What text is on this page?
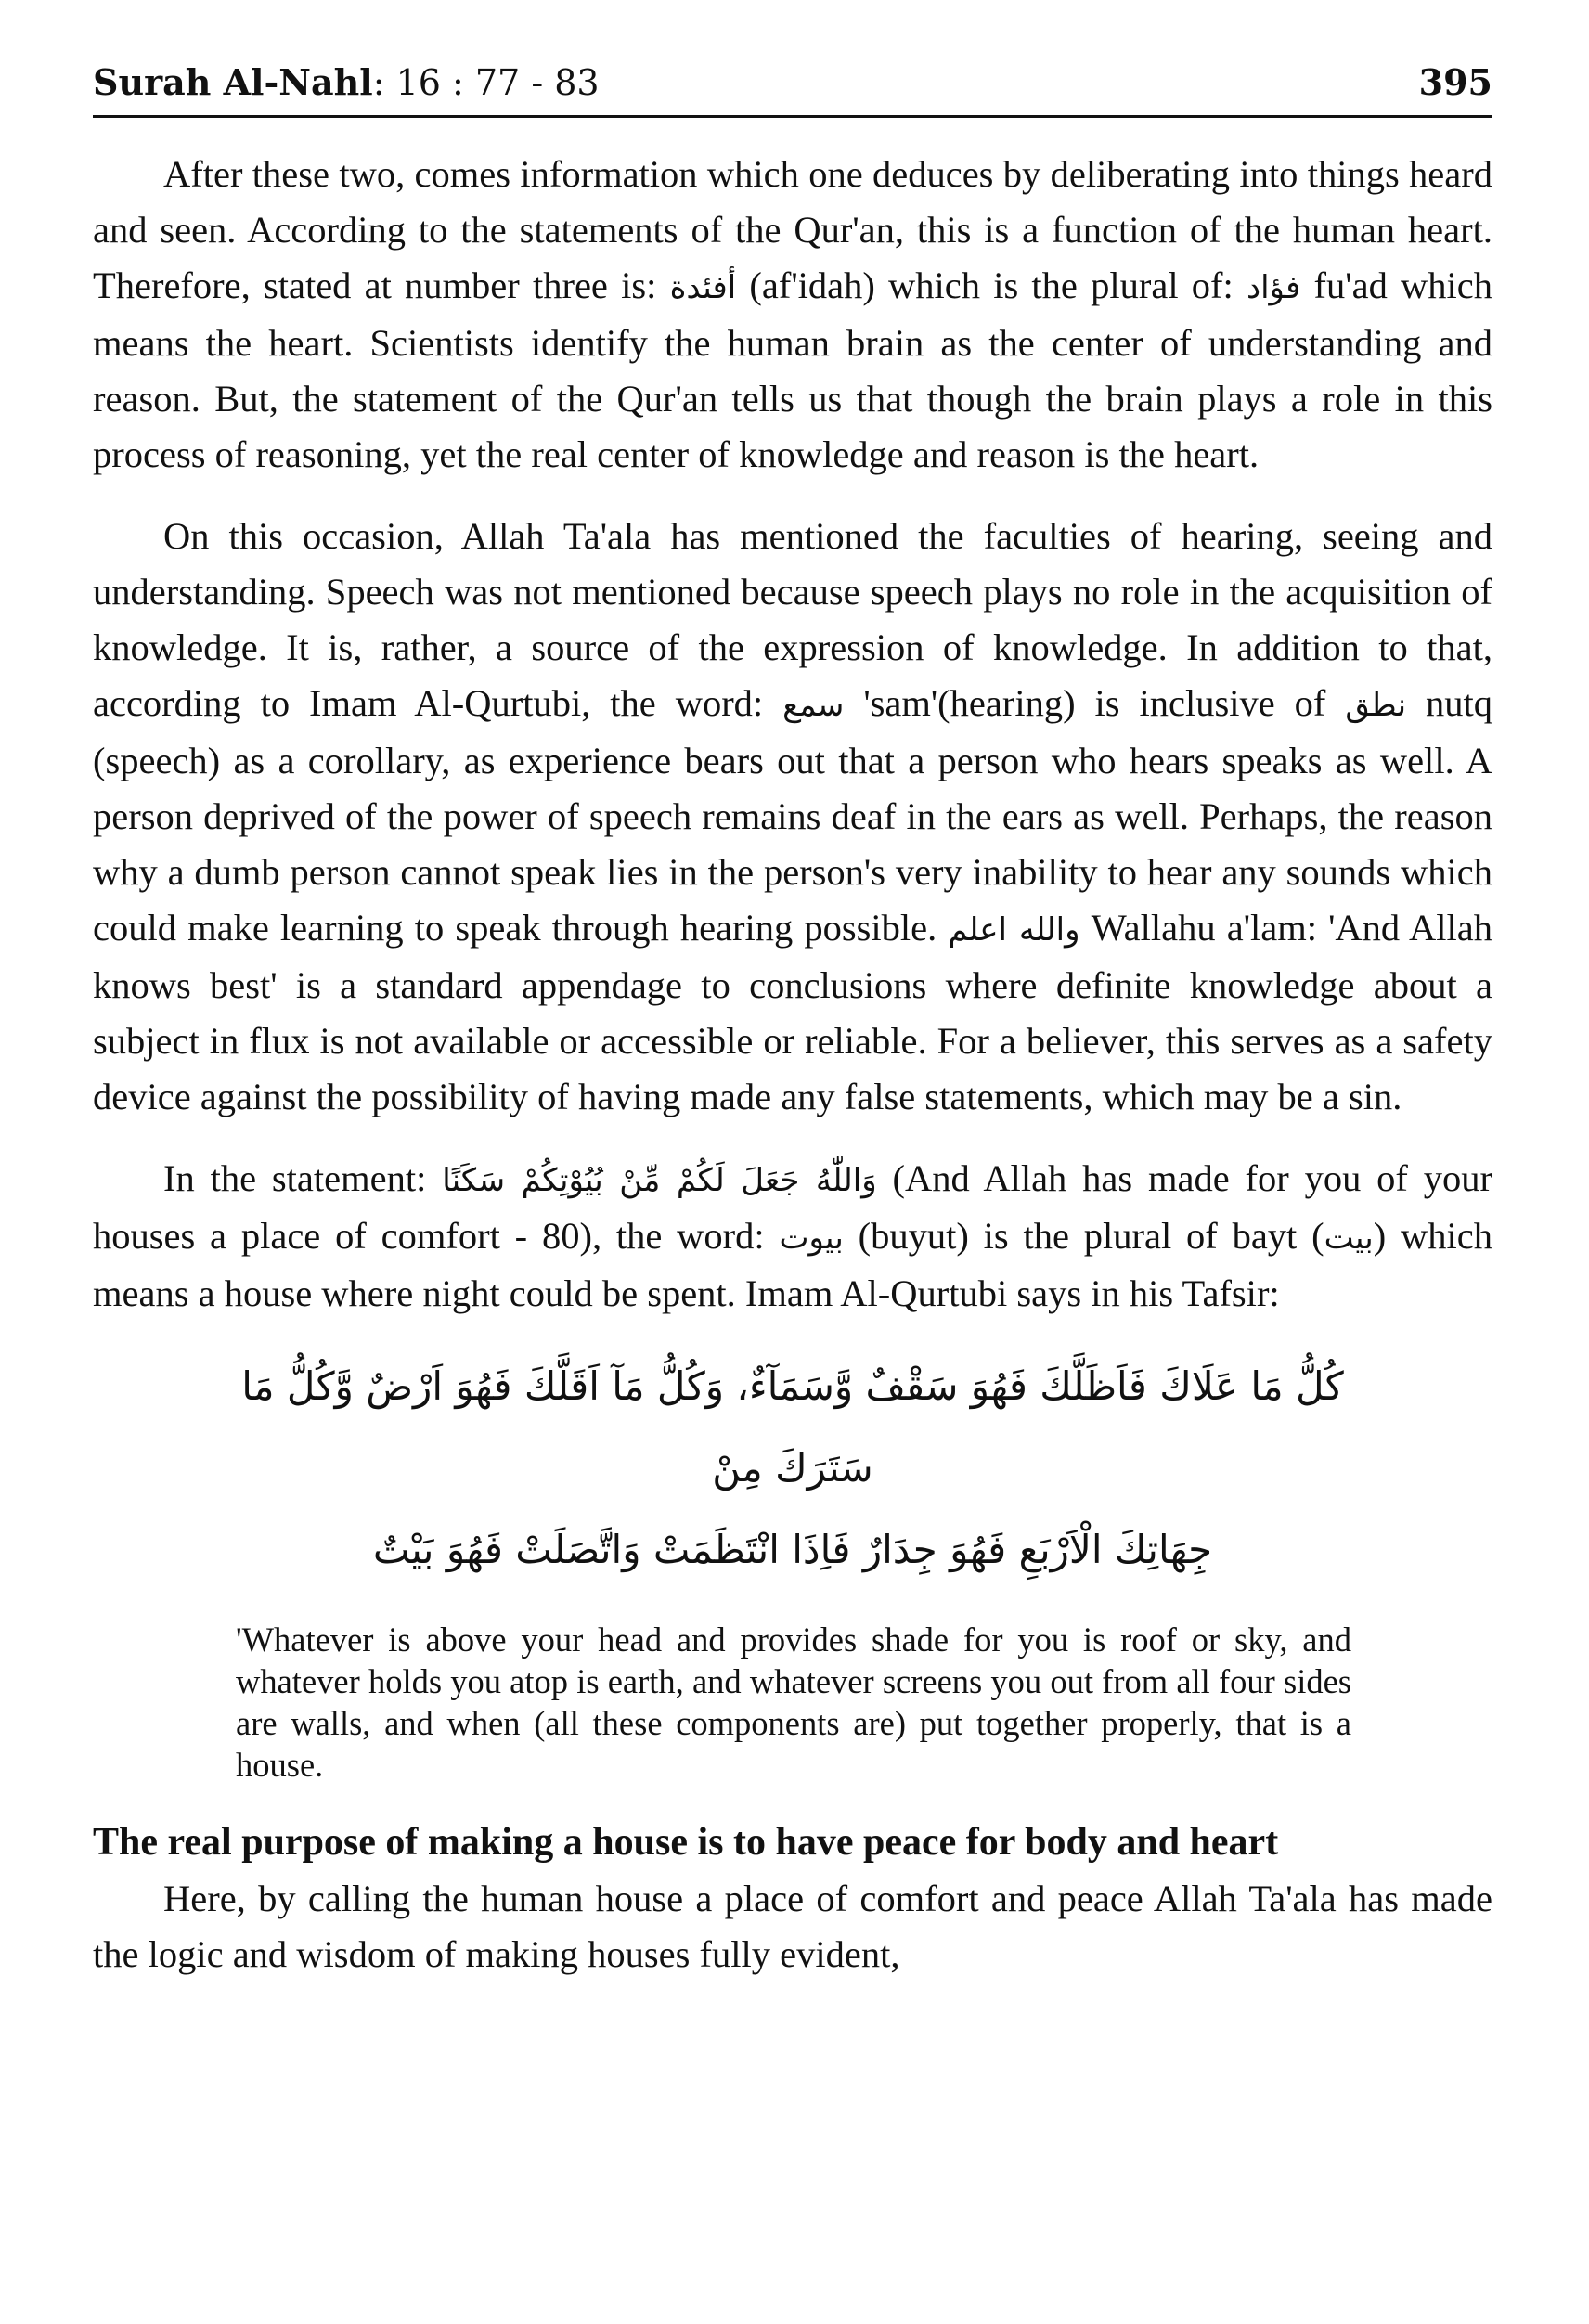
Surah Al-Nahl: 16 : 77 - 83	395

After these two, comes information which one deduces by deliberating into things heard and seen. According to the statements of the Qur'an, this is a function of the human heart. Therefore, stated at number three is: أفئدة (af'idah) which is the plural of: فؤاد fu'ad which means the heart. Scientists identify the human brain as the center of understanding and reason. But, the statement of the Qur'an tells us that though the brain plays a role in this process of reasoning, yet the real center of knowledge and reason is the heart.

On this occasion, Allah Ta'ala has mentioned the faculties of hearing, seeing and understanding. Speech was not mentioned because speech plays no role in the acquisition of knowledge. It is, rather, a source of the expression of knowledge. In addition to that, according to Imam Al-Qurtubi, the word: سمع 'sam'(hearing) is inclusive of نطق nutq (speech) as a corollary, as experience bears out that a person who hears speaks as well. A person deprived of the power of speech remains deaf in the ears as well. Perhaps, the reason why a dumb person cannot speak lies in the person's very inability to hear any sounds which could make learning to speak through hearing possible. والله اعلم Wallahu a'lam: 'And Allah knows best' is a standard appendage to conclusions where definite knowledge about a subject in flux is not available or accessible or reliable. For a believer, this serves as a safety device against the possibility of having made any false statements, which may be a sin.

In the statement: وَاللّٰهُ جَعَلَ لَكُمْ مِّنْ بُيُوْتِكُمْ سَكَنًا (And Allah has made for you of your houses a place of comfort - 80), the word: بيوت (buyut) is the plural of bayt (بيت) which means a house where night could be spent. Imam Al-Qurtubi says in his Tafsir:

كُلُّ مَا عَلَاكَ فَاَظَلَّكَ فَهُوَ سَقْفٌ وَّسَمَآءٌ، وَكُلُّ مَآ اَقَلَّكَ فَهُوَ اَرْضٌ وَّكُلُّ مَا سَتَرَكَ مِنْ
جِهَاتِكَ الْاَرْبَعِ فَهُوَ جِدَارٌ فَاِذَا انْتَظَمَتْ وَاتَّصَلَتْ فَهُوَ بَيْتٌ
'Whatever is above your head and provides shade for you is roof or sky, and whatever holds you atop is earth, and whatever screens you out from all four sides are walls, and when (all these components are) put together properly, that is a house.
The real purpose of making a house is to have peace for body and heart

Here, by calling the human house a place of comfort and peace Allah Ta'ala has made the logic and wisdom of making houses fully evident,
